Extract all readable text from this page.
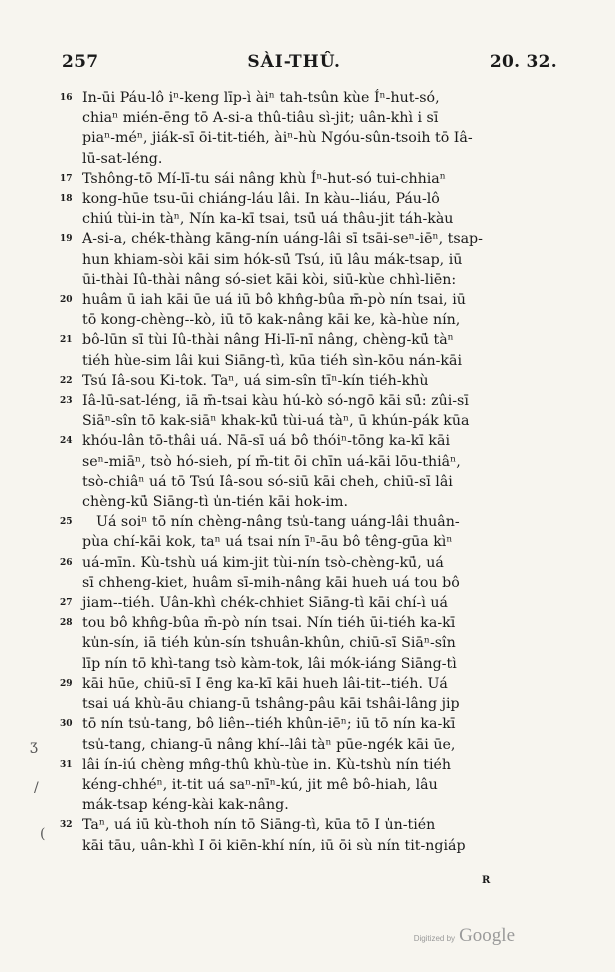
257	SÀI-THÛ.	20. 32.
16 In-ūi Páu-lô iⁿ-keng līp-ì àiⁿ tah-tsûn kùe Íⁿ-hut-só,
chiaⁿ mién-ēng tō A-si-a thû-tiâu sì-jit; uân-khì i sī
piaⁿ-méⁿ, jiák-sī ōi-tit-tiéh, àiⁿ-hù Ngóu-sûn-tsoih tō Iâ-
lū-sat-léng.
17 Tshông-tō Mí-lī-tu sái nâng khù Íⁿ-hut-só tui-chhiaⁿ
18 kong-hūe tsu-ūi chiáng-láu lâi. In kàu--liáu, Páu-lô
chiú tùi-in tàⁿ, Nín ka-kī tsai, tsū̍ uá thâu-jit táh-kàu
19 A-si-a, chék-thàng kāng-nín uáng-lâi sī tsāi-seⁿ-iēⁿ, tsap-
hun khiam-sòi kāi sim hók-sū̍ Tsú, iū lâu mák-tsap, iū
ūi-thài Iû-thài nâng só-siet kāi kòi, siū-kùe chhì-liēn:
20 huâm ū iah kāi ūe uá iū bô khn̂g-bûa m̄-pò nín tsai, iū
tō kong-chèng--kò, iū tō kak-nâng kāi ke, kà-hùe nín,
21 bô-lūn sī tùi Iû-thài nâng Hi-lī-nī nâng, chèng-kū̍ tàⁿ
tiéh hùe-sim lâi kui Siāng-tì, kūa tiéh sìn-kōu nán-kāi
22 Tsú Iâ-sou Ki-tok. Taⁿ, uá sim-sîn tīⁿ-kín tiéh-khù
23 Iâ-lū-sat-léng, iā m̄-tsai kàu hú-kò só-ngō kāi sū̍: zûi-sī
Siāⁿ-sîn tō kak-siāⁿ khak-kū̍ tùi-uá tàⁿ, ū khún-pák kūa
24 khóu-lân tō-thâi uá. Nā-sī uá bô thóiⁿ-tōng ka-kī kāi
seⁿ-miāⁿ, tsò hó-sieh, pí m̄-tit ōi chīn uá-kāi lōu-thiâⁿ,
tsò-chiâⁿ uá tō Tsú Iâ-sou só-siū kāi cheh, chiū-sī lâi
chèng-kū̍ Siāng-tì u̍n-tién kāi hok-im.
25	Uá soiⁿ tō nín chèng-nâng tsu̍-tang uáng-lâi thuân-
pùa chí-kāi kok, taⁿ uá tsai nín īⁿ-āu bô têng-gūa kìⁿ
26 uá-mīn. Kù-tshù uá kim-jit tùi-nín tsò-chèng-kū̍, uá
sī chheng-kiet, huâm sī-mih-nâng kāi hueh uá tou bô
27 jiam--tiéh. Uân-khì chék-chhiet Siāng-tì kāi chí-ì uá
28 tou bô khn̂g-bûa m̄-pò nín tsai. Nín tiéh ūi-tiéh ka-kī
ku̍n-sín, iā tiéh ku̍n-sín tshuân-khûn, chiū-sī Siāⁿ-sîn
līp nín tō khì-tang tsò kàm-tok, lâi mók-iáng Siāng-tì
29 kāi hūe, chiū-sī I ēng ka-kī kāi hueh lâi-tit--tiéh. Uá
tsai uá khù-āu chiang-ū tshâng-pâu kāi tshâi-lâng jip
30 tō nín tsu̍-tang, bô liên--tiéh khûn-iēⁿ; iū tō nín ka-kī
tsu̍-tang, chiang-ū nâng khí--lâi tàⁿ pūe-ngék kāi ūe,
31 lâi ín-iú chèng mn̂g-thû khù-tùe in. Kù-tshù nín tiéh
kéng-chhéⁿ, it-tit uá saⁿ-nīⁿ-kú, jit mê bô-hiah, lâu
mák-tsap kéng-kài kak-nâng.
32 Taⁿ, uá iū kù-thoh nín tō Siāng-tì, kūa tō I u̍n-tién
kāi tāu, uân-khì I ōi kiēn-khí nín, iū ōi sù nín tit-ngiáp
ʒ
/
(
R
Digitized by Google
